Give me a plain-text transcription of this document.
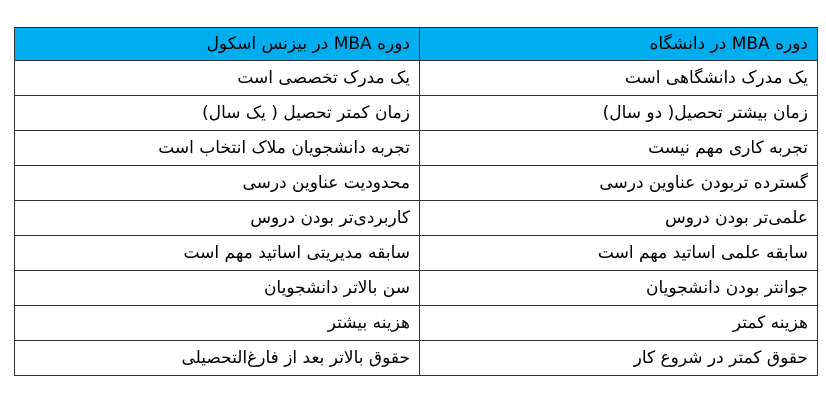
دوره MBA در دانشگاه	دوره MBA در بیزنس اسکول
یک مدرک دانشگاهی است	یک مدرک تخصصی است
زمان بیشتر تحصیل( دو سال)	زمان کمتر تحصیل ( یک سال)
تجربه کاری مهم نیست	تجربه دانشجویان ملاک انتخاب است
گسترده تربودن عناوین درسی	محدودیت عناوین درسی
علمی‌تر بودن دروس	کاربردی‌تر بودن دروس
سابقه علمی اساتید مهم است	سابقه مدیریتی اساتید مهم است
جوانتر بودن دانشجویان	سن بالاتر دانشجویان
هزینه کمتر	هزینه بیشتر
حقوق کمتر در شروع کار	حقوق بالاتر بعد از فارغ‌التحصیلی
